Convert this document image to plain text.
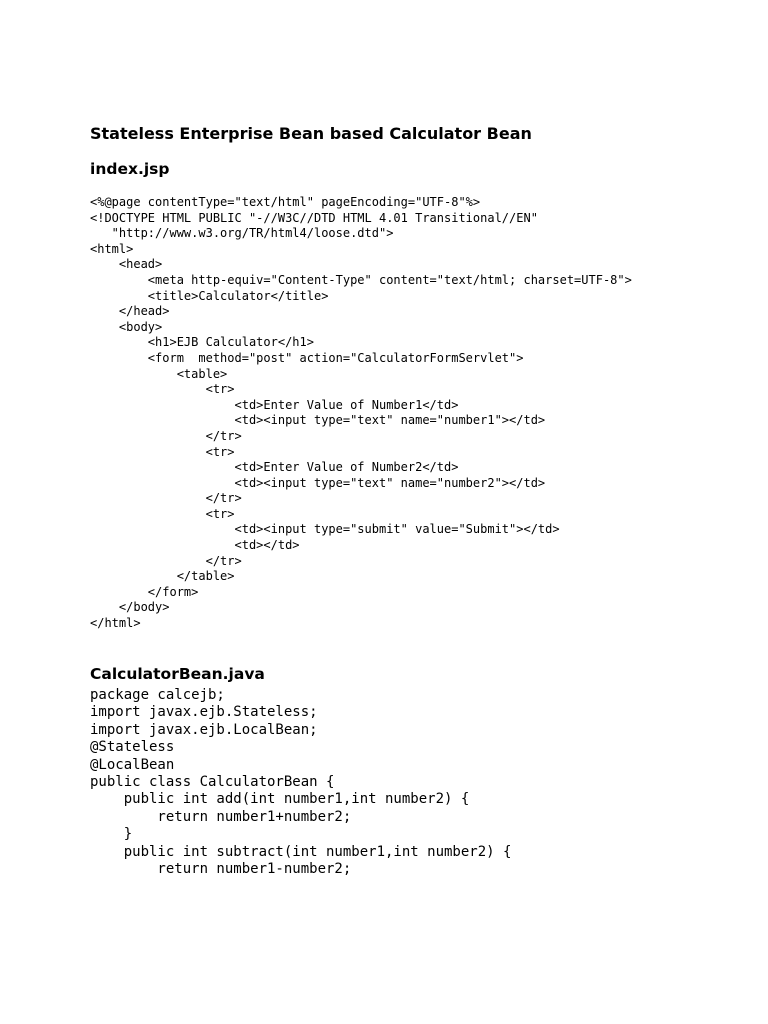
Stateless Enterprise Bean based Calculator Bean
index.jsp
<%@page contentType="text/html" pageEncoding="UTF-8"%>
<!DOCTYPE HTML PUBLIC "-//W3C//DTD HTML 4.01 Transitional//EN"
"http://www.w3.org/TR/html4/loose.dtd">
<html>
<head>
<meta http-equiv="Content-Type" content="text/html; charset=UTF-8">
<title>Calculator</title>
</head>
<body>
<h1>EJB Calculator</h1>
<form  method="post" action="CalculatorFormServlet">
<table>
<tr>
<td>Enter Value of Number1</td>
<td><input type="text" name="number1"></td>
</tr>
<tr>
<td>Enter Value of Number2</td>
<td><input type="text" name="number2"></td>
</tr>
<tr>
<td><input type="submit" value="Submit"></td>
<td></td>
</tr>
</table>
</form>
</body>
</html>
CalculatorBean.java
package calcejb;
import javax.ejb.Stateless;
import javax.ejb.LocalBean;
@Stateless
@LocalBean
public class CalculatorBean {
public int add(int number1,int number2) {
return number1+number2;
}
public int subtract(int number1,int number2) {
return number1-number2;
